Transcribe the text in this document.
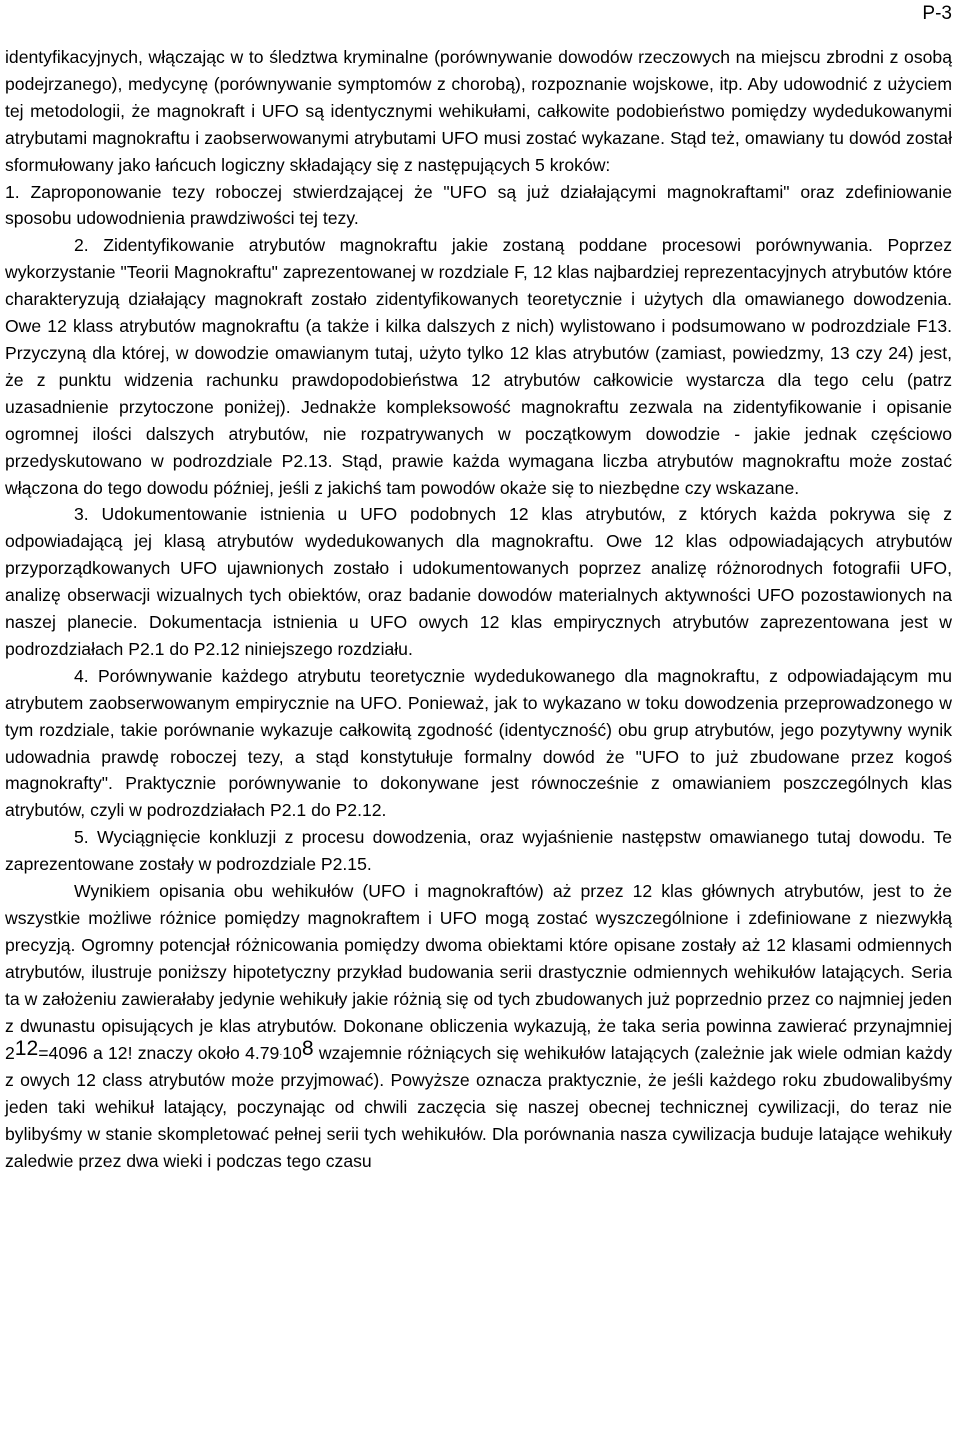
P-3

identyfikacyjnych, włączając w to śledztwa kryminalne (porównywanie dowodów rzeczowych na miejscu zbrodni z osobą podejrzanego), medycynę (porównywanie symptomów z chorobą), rozpoznanie wojskowe, itp. Aby udowodnić z użyciem tej metodologii, że magnokraft i UFO są identycznymi wehikułami, całkowite podobieństwo pomiędzy wydedukowanymi atrybutami magnokraftu i zaobserwowanymi atrybutami UFO musi zostać wykazane. Stąd też, omawiany tu dowód został sformułowany jako łańcuch logiczny składający się z następujących 5 kroków:

1. Zaproponowanie tezy roboczej stwierdzającej że "UFO są już działającymi magnokraftami" oraz zdefiniowanie sposobu udowodnienia prawdziwości tej tezy.

2. Zidentyfikowanie atrybutów magnokraftu jakie zostaną poddane procesowi porównywania. Poprzez wykorzystanie "Teorii Magnokraftu" zaprezentowanej w rozdziale F, 12 klas najbardziej reprezentacyjnych atrybutów które charakteryzują działający magnokraft zostało zidentyfikowanych teoretycznie i użytych dla omawianego dowodzenia. Owe 12 klass atrybutów magnokraftu (a także i kilka dalszych z nich) wylistowano i podsumowano w podrozdziale F13. Przyczyną dla której, w dowodzie omawianym tutaj, użyto tylko 12 klas atrybutów (zamiast, powiedzmy, 13 czy 24) jest, że z punktu widzenia rachunku prawdopodobieństwa 12 atrybutów całkowicie wystarcza dla tego celu (patrz uzasadnienie przytoczone poniżej). Jednakże kompleksowość magnokraftu zezwala na zidentyfikowanie i opisanie ogromnej ilości dalszych atrybutów, nie rozpatrywanych w początkowym dowodzie - jakie jednak częściowo przedyskutowano w podrozdziale P2.13. Stąd, prawie każda wymagana liczba atrybutów magnokraftu może zostać włączona do tego dowodu później, jeśli z jakichś tam powodów okaże się to niezbędne czy wskazane.

3. Udokumentowanie istnienia u UFO podobnych 12 klas atrybutów, z których każda pokrywa się z odpowiadającą jej klasą atrybutów wydedukowanych dla magnokraftu. Owe 12 klas odpowiadających atrybutów przyporządkowanych UFO ujawnionych zostało i udokumentowanych poprzez analizę różnorodnych fotografii UFO, analizę obserwacji wizualnych tych obiektów, oraz badanie dowodów materialnych aktywności UFO pozostawionych na naszej planecie. Dokumentacja istnienia u UFO owych 12 klas empirycznych atrybutów zaprezentowana jest w podrozdziałach P2.1 do P2.12 niniejszego rozdziału.

4. Porównywanie każdego atrybutu teoretycznie wydedukowanego dla magnokraftu, z odpowiadającym mu atrybutem zaobserwowanym empirycznie na UFO. Ponieważ, jak to wykazano w toku dowodzenia przeprowadzonego w tym rozdziale, takie porównanie wykazuje całkowitą zgodność (identyczność) obu grup atrybutów, jego pozytywny wynik udowadnia prawdę roboczej tezy, a stąd konstytułuje formalny dowód że "UFO to już zbudowane przez kogoś magnokrafty". Praktycznie porównywanie to dokonywane jest równocześnie z omawianiem poszczególnych klas atrybutów, czyli w podrozdziałach P2.1 do P2.12.

5. Wyciągnięcie konkluzji z procesu dowodzenia, oraz wyjaśnienie następstw omawianego tutaj dowodu. Te zaprezentowane zostały w podrozdziale P2.15.

Wynikiem opisania obu wehikułów (UFO i magnokraftów) aż przez 12 klas głównych atrybutów, jest to że wszystkie możliwe różnice pomiędzy magnokraftem i UFO mogą zostać wyszczególnione i zdefiniowane z niezwykłą precyzją. Ogromny potencjał różnicowania pomiędzy dwoma obiektami które opisane zostały aż 12 klasami odmiennych atrybutów, ilustruje poniższy hipotetyczny przykład budowania serii drastycznie odmiennych wehikułów latających. Seria ta w założeniu zawierałaby jedynie wehikuły jakie różnią się od tych zbudowanych już poprzednio przez co najmniej jeden z dwunastu opisujących je klas atrybutów. Dokonane obliczenia wykazują, że taka seria powinna zawierać przynajmniej $2^{12}=4096$ a 12! znaczy około $4.79\cdot 10^8$ wzajemnie różniących się wehikułów latających (zależnie jak wiele odmian każdy z owych 12 class atrybutów może przyjmować). Powyższe oznacza praktycznie, że jeśli każdego roku zbudowalibyśmy jeden taki wehikuł latający, poczynając od chwili zaczęcia się naszej obecnej technicznej cywilizacji, do teraz nie bylibyśmy w stanie skompletować pełnej serii tych wehikułów. Dla porównania nasza cywilizacja buduje latające wehikuły zaledwie przez dwa wieki i podczas tego czasu
